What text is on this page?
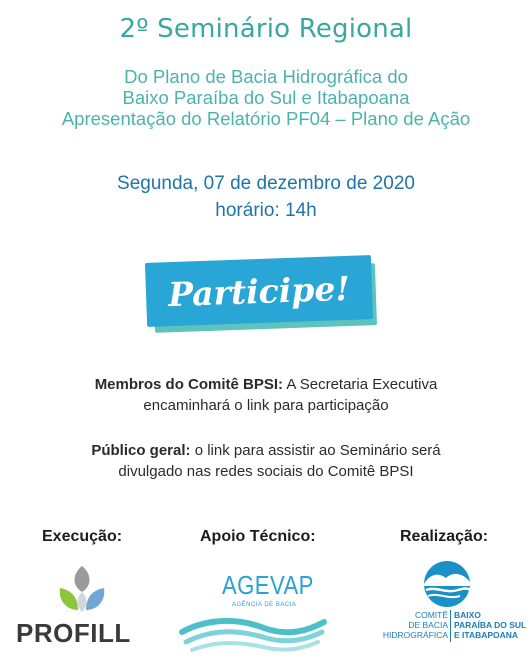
2º Seminário Regional
Do Plano de Bacia Hidrográfica do
Baixo Paraíba do Sul e Itabapoana
Apresentação do Relatório PF04 – Plano de Ação
Segunda, 07 de dezembro de 2020
horário: 14h
Participe!
Membros do Comitê BPSI: A Secretaria Executiva
encaminhará o link para participação
Público geral: o link para assistir ao Seminário será
divulgado nas redes sociais do Comitê BPSI
Execução:	Apoio Técnico:	Realização:
PROFILL
AGEVAP
AGÊNCIA DE BACIA
COMITÊ
DE BACIA
HIDROGRÁFICA
BAIXO
PARAÍBA DO SUL
E ITABAPOANA
